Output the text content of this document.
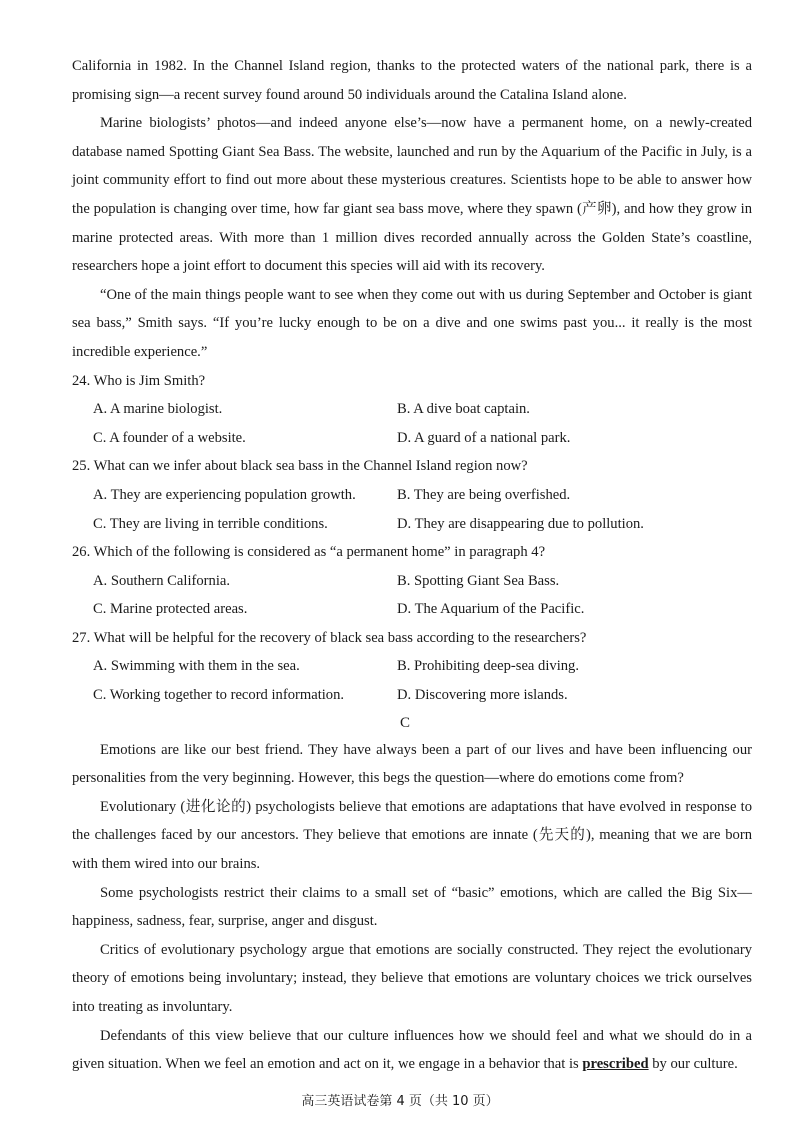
California in 1982. In the Channel Island region, thanks to the protected waters of the national park, there is a promising sign—a recent survey found around 50 individuals around the Catalina Island alone.

Marine biologists’ photos—and indeed anyone else’s—now have a permanent home, on a newly-created database named Spotting Giant Sea Bass. The website, launched and run by the Aquarium of the Pacific in July, is a joint community effort to find out more about these mysterious creatures. Scientists hope to be able to answer how the population is changing over time, how far giant sea bass move, where they spawn (产卵), and how they grow in marine protected areas. With more than 1 million dives recorded annually across the Golden State’s coastline, researchers hope a joint effort to document this species will aid with its recovery.

“One of the main things people want to see when they come out with us during September and October is giant sea bass,” Smith says. “If you’re lucky enough to be on a dive and one swims past you... it really is the most incredible experience.”

24. Who is Jim Smith?
A. A marine biologist.	B. A dive boat captain.
C. A founder of a website.	D. A guard of a national park.
25. What can we infer about black sea bass in the Channel Island region now?
A. They are experiencing population growth.	B. They are being overfished.
C. They are living in terrible conditions.	D. They are disappearing due to pollution.
26. Which of the following is considered as “a permanent home” in paragraph 4?
A. Southern California.	B. Spotting Giant Sea Bass.
C. Marine protected areas.	D. The Aquarium of the Pacific.
27. What will be helpful for the recovery of black sea bass according to the researchers?
A. Swimming with them in the sea.	B. Prohibiting deep-sea diving.
C. Working together to record information.	D. Discovering more islands.
C

Emotions are like our best friend. They have always been a part of our lives and have been influencing our personalities from the very beginning. However, this begs the question—where do emotions come from?

Evolutionary (进化论的) psychologists believe that emotions are adaptations that have evolved in response to the challenges faced by our ancestors. They believe that emotions are innate (先天的), meaning that we are born with them wired into our brains.

Some psychologists restrict their claims to a small set of “basic” emotions, which are called the Big Six—happiness, sadness, fear, surprise, anger and disgust.

Critics of evolutionary psychology argue that emotions are socially constructed. They reject the evolutionary theory of emotions being involuntary; instead, they believe that emotions are voluntary choices we trick ourselves into treating as involuntary.

Defendants of this view believe that our culture influences how we should feel and what we should do in a given situation. When we feel an emotion and act on it, we engage in a behavior that is prescribed by our culture.

高三英语试卷第 4 页（共 10 页）
